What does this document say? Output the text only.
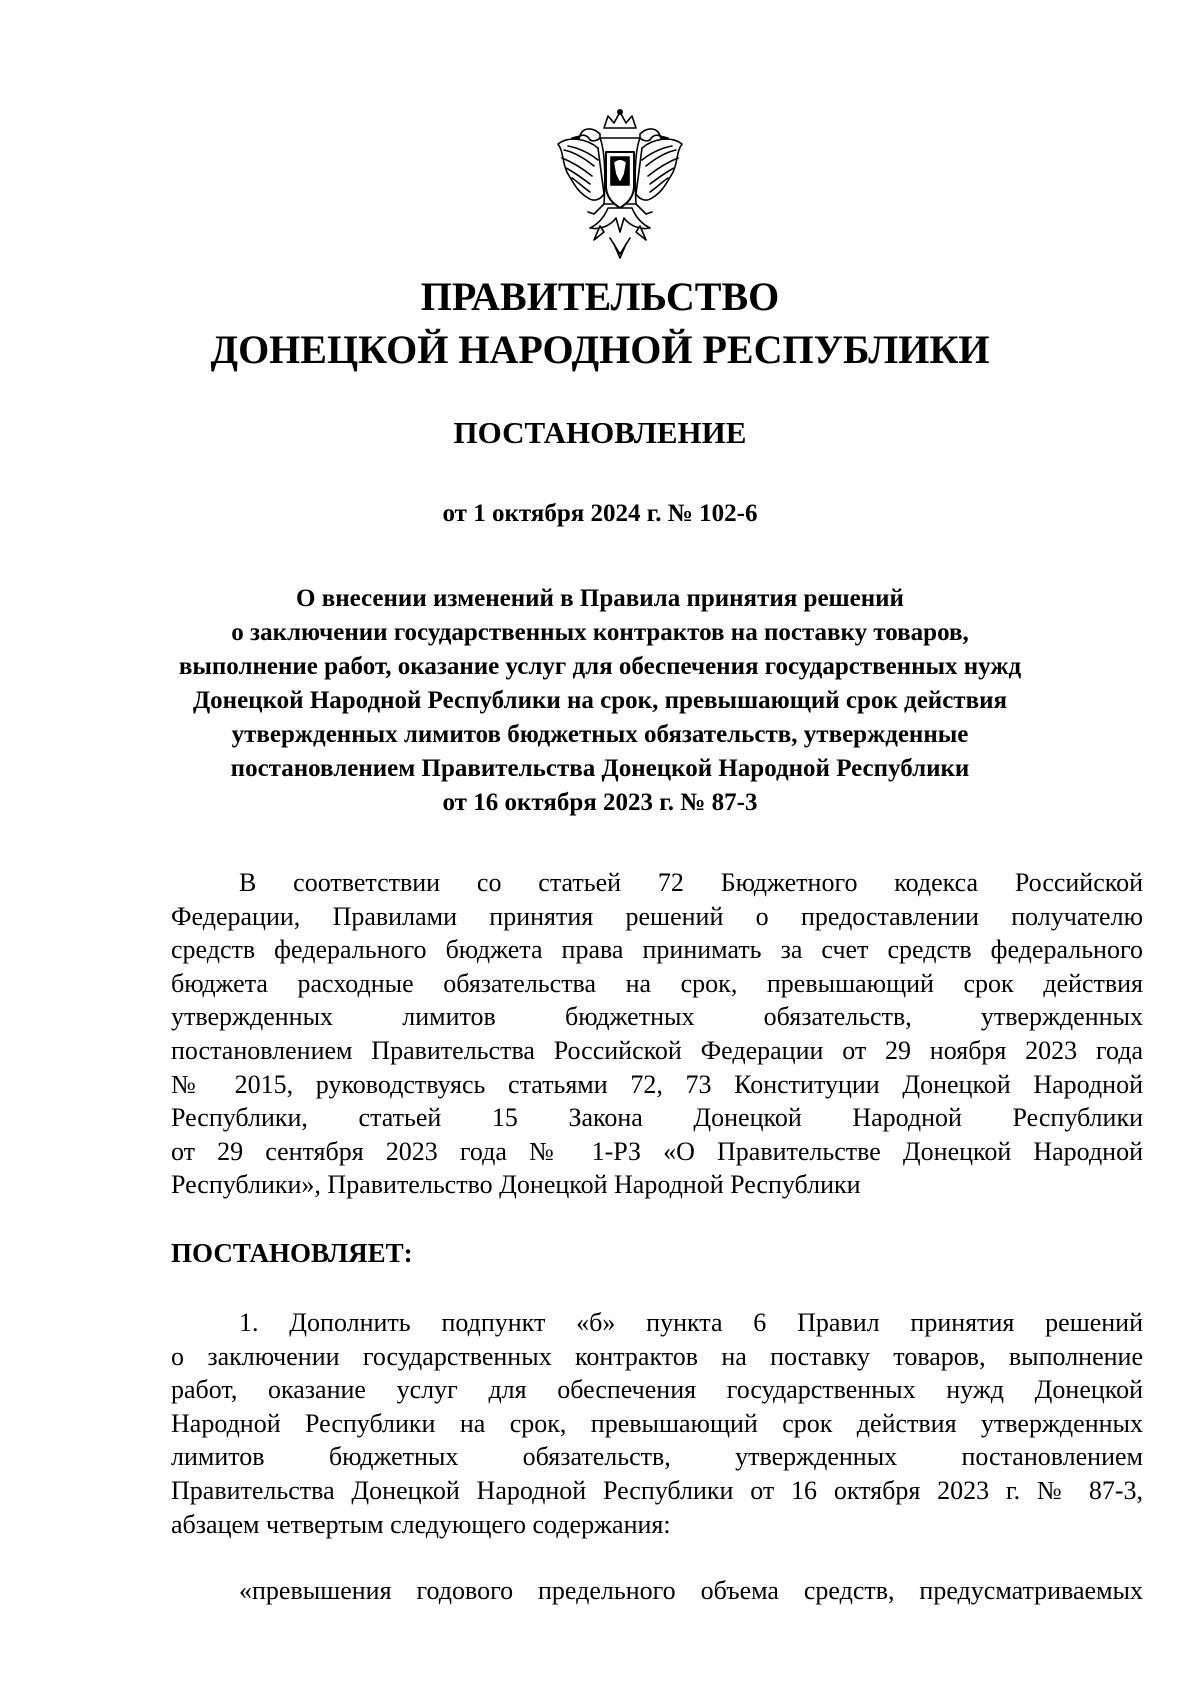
ПРАВИТЕЛЬСТВО
ДОНЕЦКОЙ НАРОДНОЙ РЕСПУБЛИКИ
ПОСТАНОВЛЕНИЕ
от 1 октября 2024 г. № 102-6
О внесении изменений в Правила принятия решений
о заключении государственных контрактов на поставку товаров,
выполнение работ, оказание услуг для обеспечения государственных нужд
Донецкой Народной Республики на срок, превышающий срок действия
утвержденных лимитов бюджетных обязательств, утвержденные
постановлением Правительства Донецкой Народной Республики
от 16 октября 2023 г. № 87-3
В соответствии со статьей 72 Бюджетного кодекса Российской
Федерации, Правилами принятия решений о предоставлении получателю
средств федерального бюджета права принимать за счет средств федерального
бюджета расходные обязательства на срок, превышающий срок действия
утвержденных лимитов бюджетных обязательств, утвержденных
постановлением Правительства Российской Федерации от 29 ноября 2023 года
№ 2015, руководствуясь статьями 72, 73 Конституции Донецкой Народной
Республики, статьей 15 Закона Донецкой Народной Республики
от 29 сентября 2023 года № 1-РЗ «О Правительстве Донецкой Народной
Республики», Правительство Донецкой Народной Республики
ПОСТАНОВЛЯЕТ:
1. Дополнить подпункт «б» пункта 6 Правил принятия решений
о заключении государственных контрактов на поставку товаров, выполнение
работ, оказание услуг для обеспечения государственных нужд Донецкой
Народной Республики на срок, превышающий срок действия утвержденных
лимитов бюджетных обязательств, утвержденных постановлением
Правительства Донецкой Народной Республики от 16 октября 2023 г. № 87-3,
абзацем четвертым следующего содержания:
«превышения годового предельного объема средств, предусматриваемых
